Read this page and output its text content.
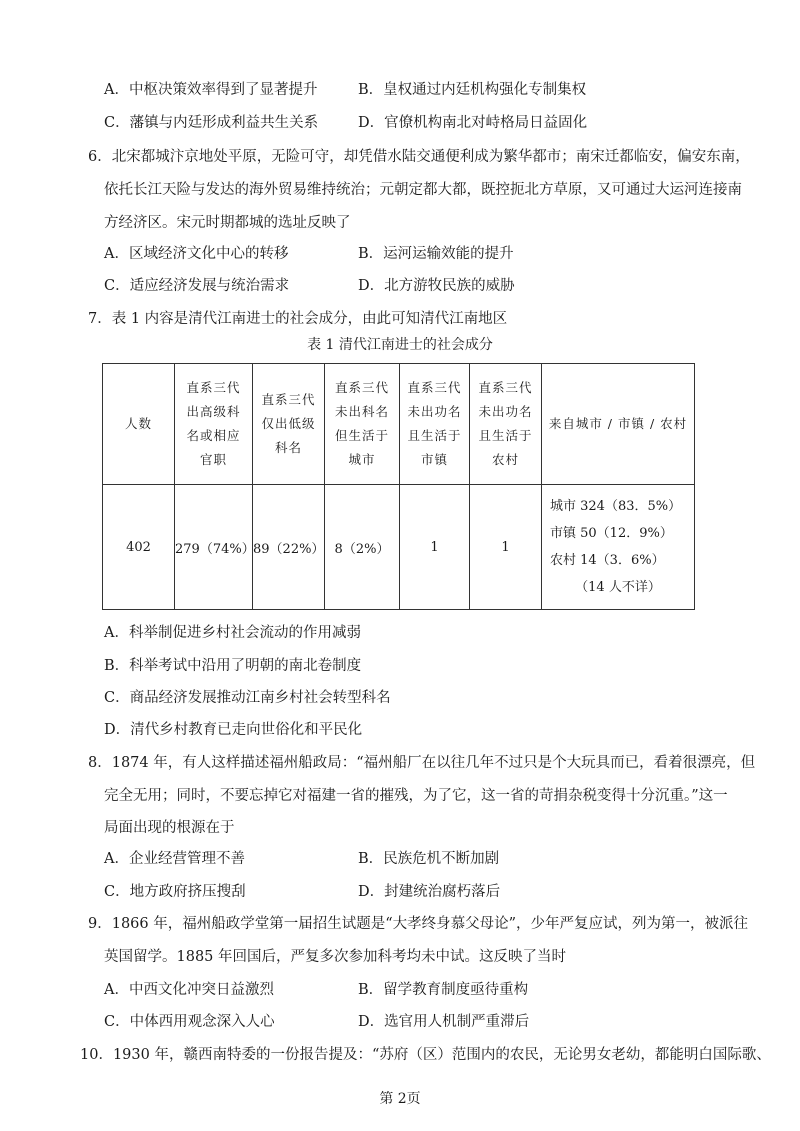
A．中枢决策效率得到了显著提升	B．皇权通过内廷机构强化专制集权
C．藩镇与内廷形成利益共生关系	D．官僚机构南北对峙格局日益固化
6．北宋都城汴京地处平原，无险可守，却凭借水陆交通便利成为繁华都市；南宋迁都临安，偏安东南，
依托长江天险与发达的海外贸易维持统治；元朝定都大都，既控扼北方草原，又可通过大运河连接南
方经济区。宋元时期都城的选址反映了
A．区域经济文化中心的转移	B．运河运输效能的提升
C．适应经济发展与统治需求	D．北方游牧民族的威胁
7．表 1 内容是清代江南进士的社会成分，由此可知清代江南地区
表 1 清代江南进士的社会成分
人数	直系三代
出高级科
名或相应
官职	直系三代
仅出低级
科名	直系三代
未出科名
但生活于
城市	直系三代
未出功名
且生活于
市镇	直系三代
未出功名
且生活于
农村	来自城市 / 市镇 / 农村
402	279（74%）	89（22%）	8（2%）	1	1	城市 324（83．5%）
市镇 50（12．9%）
农村 14（3．6%）
（14 人不详）
A．科举制促进乡村社会流动的作用减弱
B．科举考试中沿用了明朝的南北卷制度
C．商品经济发展推动江南乡村社会转型科名
D．清代乡村教育已走向世俗化和平民化
8．1874 年，有人这样描述福州船政局：“福州船厂在以往几年不过只是个大玩具而已，看着很漂亮，但
完全无用；同时，不要忘掉它对福建一省的摧残，为了它，这一省的苛捐杂税变得十分沉重。”这一
局面出现的根源在于
A．企业经营管理不善	B．民族危机不断加剧
C．地方政府挤压搜刮	D．封建统治腐朽落后
9．1866 年，福州船政学堂第一届招生试题是“大孝终身慕父母论”，少年严复应试，列为第一，被派往
英国留学。1885 年回国后，严复多次参加科考均未中试。这反映了当时
A．中西文化冲突日益激烈	B．留学教育制度亟待重构
C．中体西用观念深入人心	D．选官用人机制严重滞后
10．1930 年，赣西南特委的一份报告提及：“苏府（区）范围内的农民，无论男女老幼，都能明白国际歌、
第 2页
